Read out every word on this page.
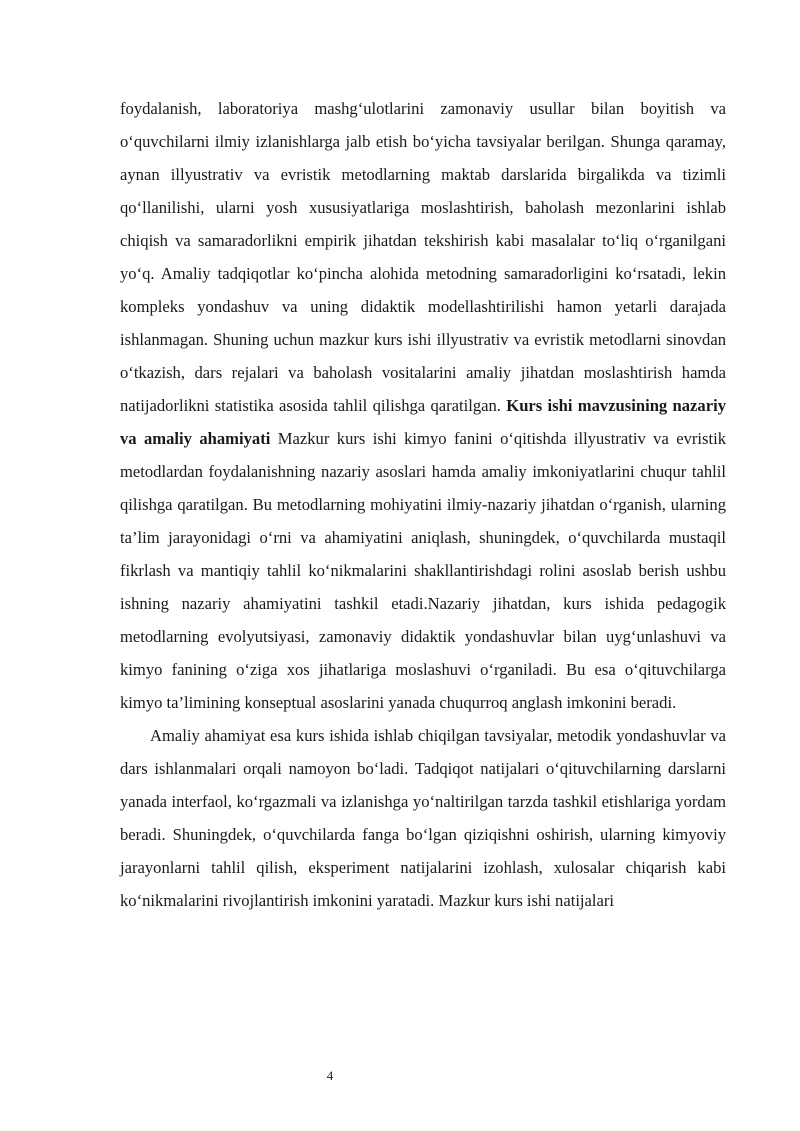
foydalanish, laboratoriya mashg‘ulotlarini zamonaviy usullar bilan boyitish va o‘quvchilarni ilmiy izlanishlarga jalb etish bo‘yicha tavsiyalar berilgan. Shunga qaramay, aynan illyustrativ va evristik metodlarning maktab darslarida birgalikda va tizimli qo‘llanilishi, ularni yosh xususiyatlariga moslashtirish, baholash mezonlarini ishlab chiqish va samaradorlikni empirik jihatdan tekshirish kabi masalalar to‘liq o‘rganilgani yo‘q. Amaliy tadqiqotlar ko‘pincha alohida metodning samaradorligini ko‘rsatadi, lekin kompleks yondashuv va uning didaktik modellashtirilishi hamon yetarli darajada ishlanmagan. Shuning uchun mazkur kurs ishi illyustrativ va evristik metodlarni sinovdan o‘tkazish, dars rejalari va baholash vositalarini amaliy jihatdan moslashtirish hamda natijadorlikni statistika asosida tahlil qilishga qaratilgan. Kurs ishi mavzusining nazariy va amaliy ahamiyati Mazkur kurs ishi kimyo fanini o‘qitishda illyustrativ va evristik metodlardan foydalanishning nazariy asoslari hamda amaliy imkoniyatlarini chuqur tahlil qilishga qaratilgan. Bu metodlarning mohiyatini ilmiy-nazariy jihatdan o‘rganish, ularning ta’lim jarayonidagi o‘rni va ahamiyatini aniqlash, shuningdek, o‘quvchilarda mustaqil fikrlash va mantiqiy tahlil ko‘nikmalarini shakllantirishdagi rolini asoslab berish ushbu ishning nazariy ahamiyatini tashkil etadi.Nazariy jihatdan, kurs ishida pedagogik metodlarning evolyutsiyasi, zamonaviy didaktik yondashuvlar bilan uyg‘unlashuvi va kimyo fanining o‘ziga xos jihatlariga moslashuvi o‘rganiladi. Bu esa o‘qituvchilarga kimyo ta’limining konseptual asoslarini yanada chuqurroq anglash imkonini beradi.

Amaliy ahamiyat esa kurs ishida ishlab chiqilgan tavsiyalar, metodik yondashuvlar va dars ishlanmalari orqali namoyon bo‘ladi. Tadqiqot natijalari o‘qituvchilarning darslarni yanada interfaol, ko‘rgazmali va izlanishga yo‘naltirilgan tarzda tashkil etishlariga yordam beradi. Shuningdek, o‘quvchilarda fanga bo‘lgan qiziqishni oshirish, ularning kimyoviy jarayonlarni tahlil qilish, eksperiment natijalarini izohlash, xulosalar chiqarish kabi ko‘nikmalarini rivojlantirish imkonini yaratadi. Mazkur kurs ishi natijalari

4
